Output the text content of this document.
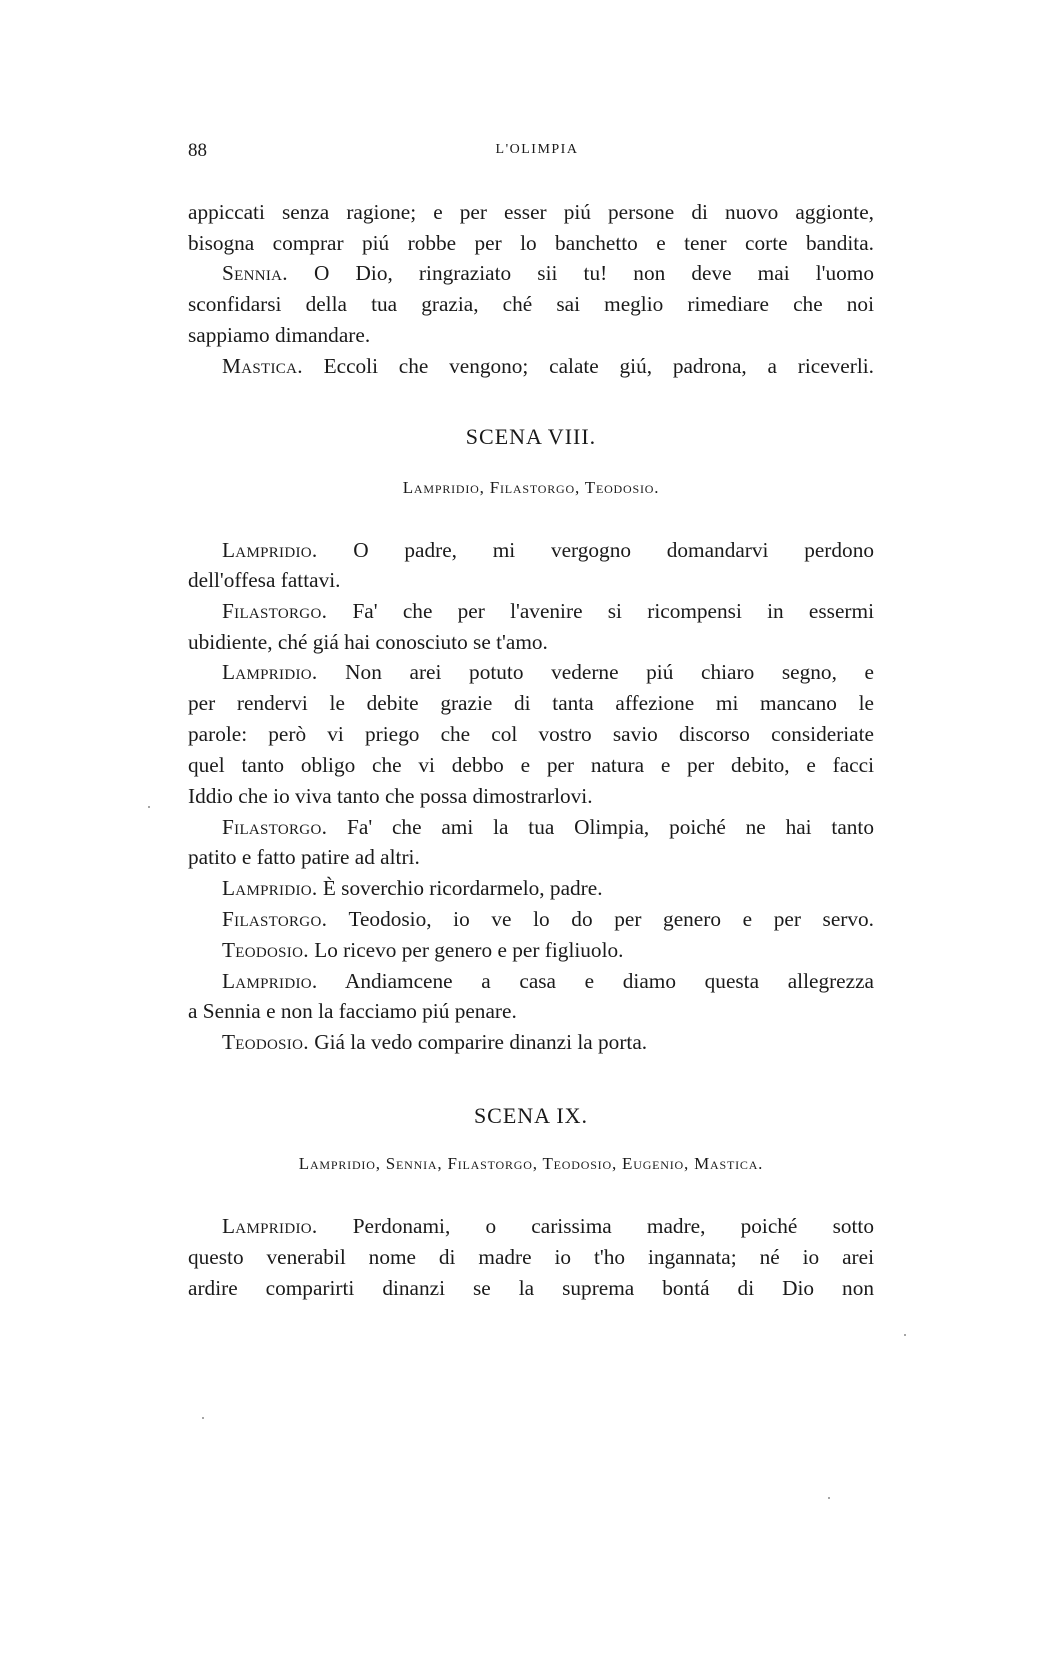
88	L'OLIMPIA
appiccati senza ragione; e per esser piú persone di nuovo aggionte,
bisogna comprar piú robbe per lo banchetto e tener corte bandita.
Sennia. O Dio, ringraziato sii tu! non deve mai l'uomo
sconfidarsi della tua grazia, ché sai meglio rimediare che noi
sappiamo dimandare.
Mastica. Eccoli che vengono; calate giú, padrona, a riceverli.
SCENA VIII.
Lampridio, Filastorgo, Teodosio.
Lampridio. O padre, mi vergogno domandarvi perdono
dell'offesa fattavi.
Filastorgo. Fa' che per l'avenire si ricompensi in essermi
ubidiente, ché giá hai conosciuto se t'amo.
Lampridio. Non arei potuto vederne piú chiaro segno, e
per rendervi le debite grazie di tanta affezione mi mancano le
parole: però vi priego che col vostro savio discorso consideriate
quel tanto obligo che vi debbo e per natura e per debito, e facci
Iddio che io viva tanto che possa dimostrarlovi.
Filastorgo. Fa' che ami la tua Olimpia, poiché ne hai tanto
patito e fatto patire ad altri.
Lampridio. È soverchio ricordarmelo, padre.
Filastorgo. Teodosio, io ve lo do per genero e per servo.
Teodosio. Lo ricevo per genero e per figliuolo.
Lampridio. Andiamcene a casa e diamo questa allegrezza
a Sennia e non la facciamo piú penare.
Teodosio. Giá la vedo comparire dinanzi la porta.
SCENA IX.
Lampridio, Sennia, Filastorgo, Teodosio, Eugenio, Mastica.
Lampridio. Perdonami, o carissima madre, poiché sotto
questo venerabil nome di madre io t'ho ingannata; né io arei
ardire comparirti dinanzi se la suprema bontá di Dio non
